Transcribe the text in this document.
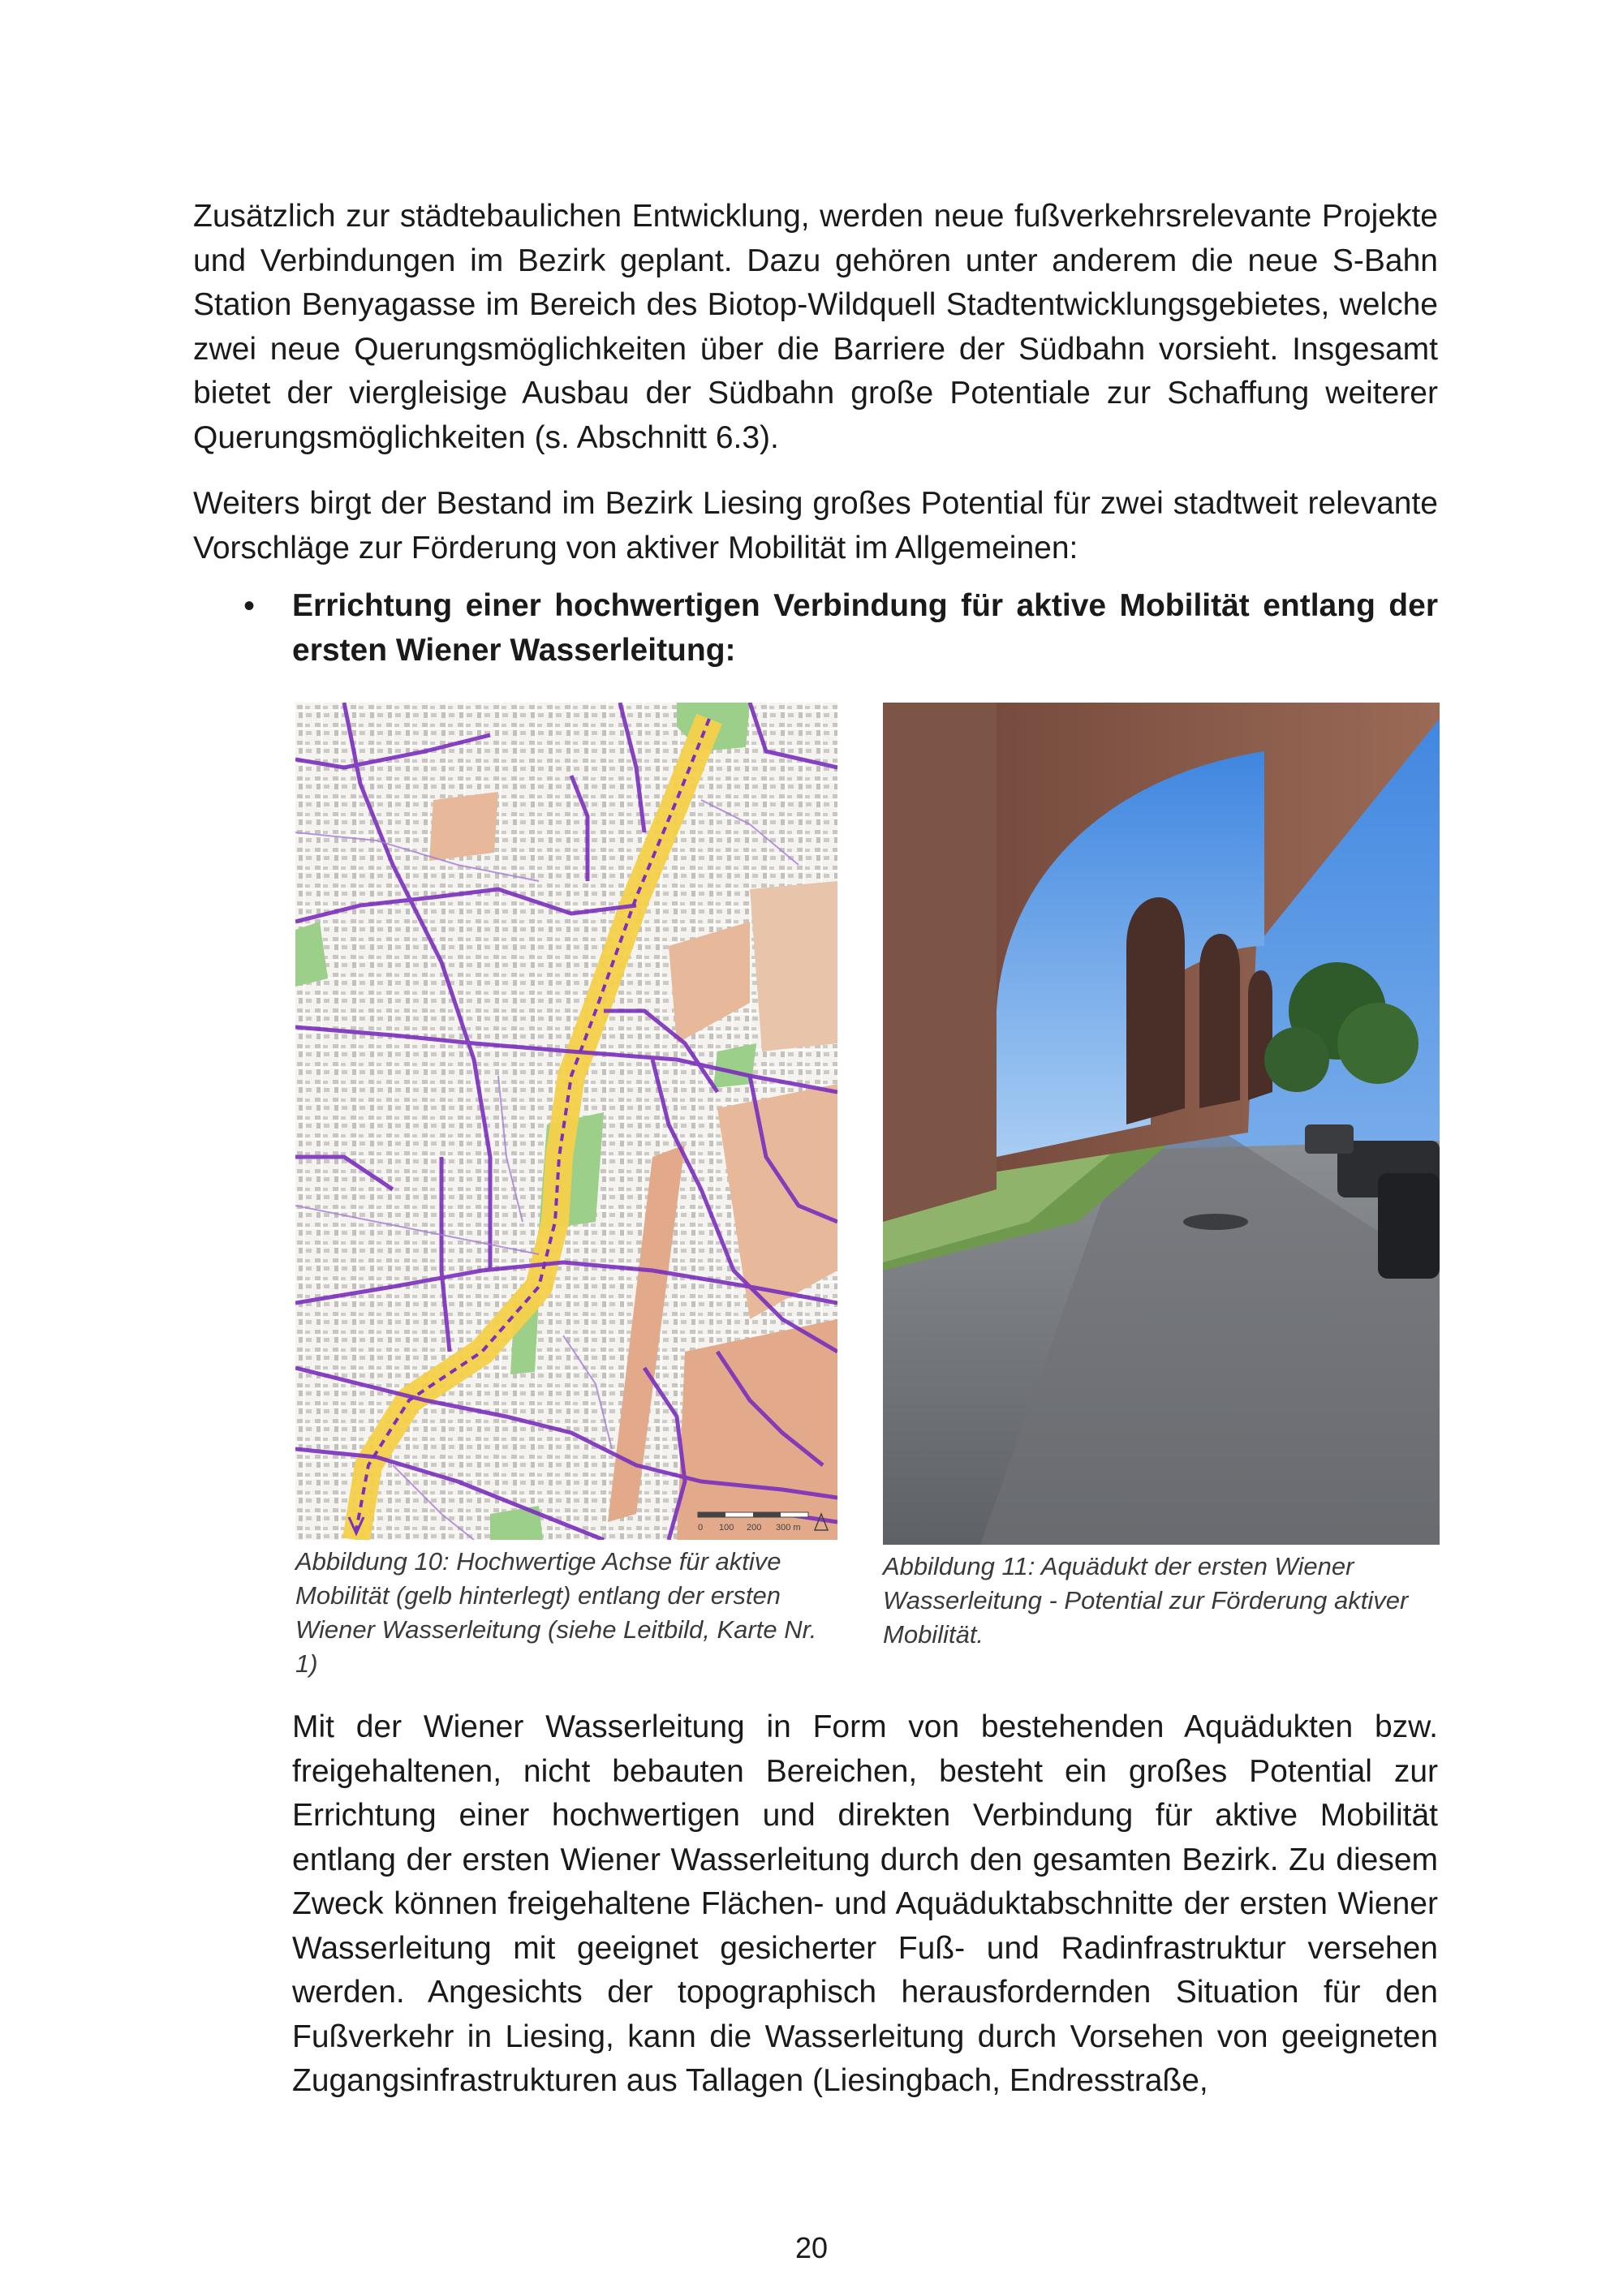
Zusätzlich zur städtebaulichen Entwicklung, werden neue fußverkehrsrelevante Projekte und Verbindungen im Bezirk geplant. Dazu gehören unter anderem die neue S-Bahn Station Benyagasse im Bereich des Biotop-Wildquell Stadtentwicklungsgebietes, welche zwei neue Querungsmöglichkeiten über die Barriere der Südbahn vorsieht. Insgesamt bietet der viergleisige Ausbau der Südbahn große Potentiale zur Schaffung weiterer Querungsmöglichkeiten (s. Abschnitt 6.3).

Weiters birgt der Bestand im Bezirk Liesing großes Potential für zwei stadtweit relevante Vorschläge zur Förderung von aktiver Mobilität im Allgemeinen:

• Errichtung einer hochwertigen Verbindung für aktive Mobilität entlang der ersten Wiener Wasserleitung:

0 100 200 300 m

Abbildung 10: Hochwertige Achse für aktive Mobilität (gelb hinterlegt) entlang der ersten Wiener Wasserleitung (siehe Leitbild, Karte Nr. 1)

Abbildung 11: Aquädukt der ersten Wiener Wasserleitung - Potential zur Förderung aktiver Mobilität.

Mit der Wiener Wasserleitung in Form von bestehenden Aquädukten bzw. freigehaltenen, nicht bebauten Bereichen, besteht ein großes Potential zur Errichtung einer hochwertigen und direkten Verbindung für aktive Mobilität entlang der ersten Wiener Wasserleitung durch den gesamten Bezirk. Zu diesem Zweck können freigehaltene Flächen- und Aquäduktabschnitte der ersten Wiener Wasserleitung mit geeignet gesicherter Fuß- und Radinfrastruktur versehen werden. Angesichts der topographisch herausfordernden Situation für den Fußverkehr in Liesing, kann die Wasserleitung durch Vorsehen von geeigneten Zugangsinfrastrukturen aus Tallagen (Liesingbach, Endresstraße,

20
